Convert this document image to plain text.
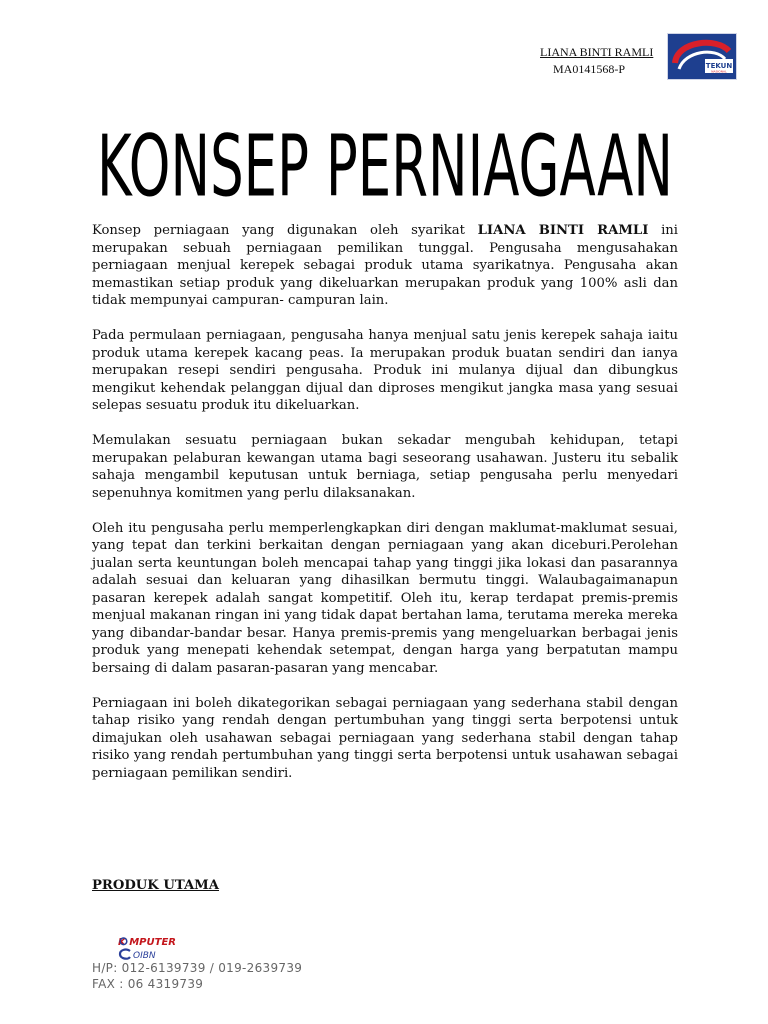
LIANA BINTI RAMLI
MA0141568-P	TEKUN
NASIONAL
KONSEP PERNIAGAAN

Konsep perniagaan yang digunakan oleh syarikat LIANA BINTI RAMLI ini merupakan sebuah perniagaan pemilikan tunggal. Pengusaha mengusahakan perniagaan menjual kerepek sebagai produk utama syarikatnya. Pengusaha akan memastikan setiap produk yang dikeluarkan merupakan produk yang 100% asli dan tidak mempunyai campuran- campuran lain.

Pada permulaan perniagaan, pengusaha hanya menjual satu jenis kerepek sahaja iaitu produk utama kerepek kacang peas. Ia merupakan produk buatan sendiri dan ianya merupakan resepi sendiri pengusaha. Produk ini mulanya dijual dan dibungkus mengikut kehendak pelanggan dijual dan diproses mengikut jangka masa yang sesuai selepas sesuatu produk itu dikeluarkan.

Memulakan sesuatu perniagaan bukan sekadar mengubah kehidupan, tetapi merupakan pelaburan kewangan utama bagi seseorang usahawan. Justeru itu sebalik sahaja mengambil keputusan untuk berniaga, setiap pengusaha perlu menyedari sepenuhnya komitmen yang perlu dilaksanakan.

Oleh itu pengusaha perlu memperlengkapkan diri dengan maklumat-maklumat sesuai, yang tepat dan terkini berkaitan dengan perniagaan yang akan diceburi.Perolehan jualan serta keuntungan boleh mencapai tahap yang tinggi jika lokasi dan pasarannya adalah sesuai dan keluaran yang dihasilkan bermutu tinggi. Walaubagaimanapun pasaran kerepek adalah sangat kompetitif. Oleh itu, kerap terdapat premis-premis menjual makanan ringan ini yang tidak dapat bertahan lama, terutama mereka mereka yang dibandar-bandar besar. Hanya premis-premis yang mengeluarkan berbagai jenis produk yang menepati kehendak setempat, dengan harga yang berpatutan mampu bersaing di dalam pasaran-pasaran yang mencabar.

Perniagaan ini boleh dikategorikan sebagai perniagaan yang sederhana stabil dengan tahap risiko yang rendah dengan pertumbuhan yang tinggi serta berpotensi untuk dimajukan oleh usahawan sebagai perniagaan yang sederhana stabil dengan tahap risiko yang rendah pertumbuhan yang tinggi serta berpotensi untuk usahawan sebagai perniagaan pemilikan sendiri.

PRODUK UTAMA
K MPUTER
OIBN
H/P: 012-6139739 / 019-2639739
FAX : 06 4319739
